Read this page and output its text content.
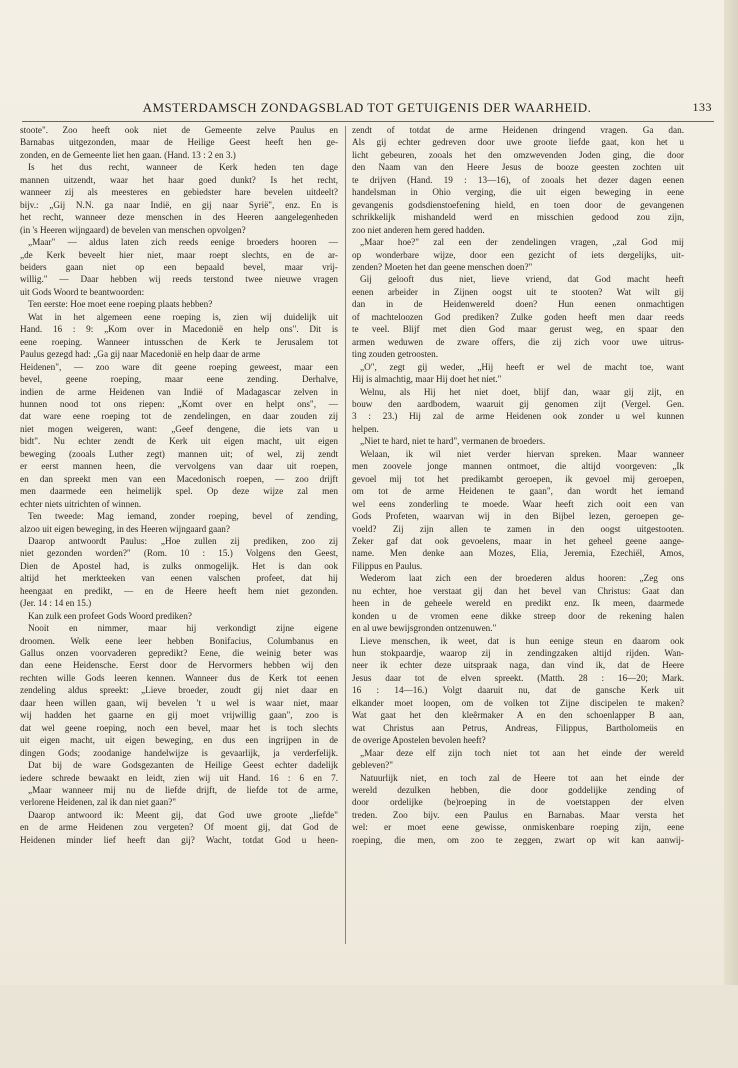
AMSTERDAMSCH ZONDAGSBLAD TOT GETUIGENIS DER WAARHEID.	133
stoote". Zoo heeft ook niet de Gemeente zelve Paulus en
Barnabas uitgezonden, maar de Heilige Geest heeft hen ge-
zonden, en de Gemeente liet hen gaan. (Hand. 13 : 2 en 3.)
Is het dus recht, wanneer de Kerk heden ten dage
mannen uitzendt, waar het haar goed dunkt? Is het recht,
wanneer zij als meesteres en gebiedster hare bevelen uitdeelt?
bijv.: „Gij N.N. ga naar Indië, en gij naar Syrië", enz. En is
het recht, wanneer deze menschen in des Heeren aangelegenheden
(in 's Heeren wijngaard) de bevelen van menschen opvolgen?
„Maar" — aldus laten zich reeds eenige broeders hooren —
„de Kerk beveelt hier niet, maar roept slechts, en de ar-
beiders gaan niet op een bepaald bevel, maar vrij-
willig." — Daar hebben wij reeds terstond twee nieuwe vragen
uit Gods Woord te beantwoorden:
Ten eerste: Hoe moet eene roeping plaats hebben?
Wat in het algemeen eene roeping is, zien wij duidelijk uit
Hand. 16 : 9: „Kom over in Macedonië en help ons". Dit is
eene roeping. Wanneer intusschen de Kerk te Jerusalem tot
Paulus gezegd had: „Ga gij naar Macedonië en help daar de arme
Heidenen", — zoo ware dit geene roeping geweest, maar een
bevel, geene roeping, maar eene zending. Derhalve,
indien de arme Heidenen van Indië of Madagascar zelven in
hunnen nood tot ons riepen: „Komt over en helpt ons", —
dat ware eene roeping tot de zendelingen, en daar zouden zij
niet mogen weigeren, want: „Geef dengene, die iets van u
bidt". Nu echter zendt de Kerk uit eigen macht, uit eigen
beweging (zooals Luther zegt) mannen uit; of wel, zij zendt
er eerst mannen heen, die vervolgens van daar uit roepen,
en dan spreekt men van een Macedonisch roepen, — zoo drijft
men daarmede een heimelijk spel. Op deze wijze zal men
echter niets uitrichten of winnen.
Ten tweede: Mag iemand, zonder roeping, bevel of zending,
alzoo uit eigen beweging, in des Heeren wijngaard gaan?
Daarop antwoordt Paulus: „Hoe zullen zij prediken, zoo zij
niet gezonden worden?" (Rom. 10 : 15.) Volgens den Geest,
Dien de Apostel had, is zulks onmogelijk. Het is dan ook
altijd het merkteeken van eenen valschen profeet, dat hij
heengaat en predikt, — en de Heere heeft hem niet gezonden.
(Jer. 14 : 14 en 15.)
Kan zulk een profeet Gods Woord prediken?
Nooit en nimmer, maar hij verkondigt zijne eigene
droomen. Welk eene leer hebben Bonifacius, Columbanus en
Gallus onzen voorvaderen gepredikt? Eene, die weinig beter was
dan eene Heidensche. Eerst door de Hervormers hebben wij den
rechten wille Gods leeren kennen. Wanneer dus de Kerk tot eenen
zendeling aldus spreekt: „Lieve broeder, zoudt gij niet daar en
daar heen willen gaan, wij bevelen 't u wel is waar niet, maar
wij hadden het gaarne en gij moet vrijwillig gaan", zoo is
dat wel geene roeping, noch een bevel, maar het is toch slechts
uit eigen macht, uit eigen beweging, en dus een ingrijpen in de
dingen Gods; zoodanige handelwijze is gevaarlijk, ja verderfelijk.
Dat bij de ware Godsgezanten de Heilige Geest echter dadelijk
iedere schrede bewaakt en leidt, zien wij uit Hand. 16 : 6 en 7.
„Maar wanneer mij nu de liefde drijft, de liefde tot de arme,
verlorene Heidenen, zal ik dan niet gaan?"
Daarop antwoord ik: Meent gij, dat God uwe groote „liefde"
en de arme Heidenen zou vergeten? Of moent gij, dat God de
Heidenen minder lief heeft dan gij? Wacht, totdat God u heen-
zendt of totdat de arme Heidenen dringend vragen. Ga dan.
Als gij echter gedreven door uwe groote liefde gaat, kon het u
licht gebeuren, zooals het den omzwevenden Joden ging, die door
den Naam van den Heere Jesus de booze geesten zochten uit
te drijven (Hand. 19 : 13—16), of zooals het dezer dagen eenen
handelsman in Ohio verging, die uit eigen beweging in eene
gevangenis godsdienstoefening hield, en toen door de gevangenen
schrikkelijk mishandeld werd en misschien gedood zou zijn,
zoo niet anderen hem gered hadden.
„Maar hoe?" zal een der zendelingen vragen, „zal God mij
op wonderbare wijze, door een gezicht of iets dergelijks, uit-
zenden? Moeten het dan geene menschen doen?"
Gij gelooft dus niet, lieve vriend, dat God macht heeft
eenen arbeider in Zijnen oogst uit te stooten? Wat wilt gij
dan in de Heidenwereld doen? Hun eenen onmachtigen
of machteloozen God prediken? Zulke goden heeft men daar reeds
te veel. Blijf met dien God maar gerust weg, en spaar den
armen weduwen de zware offers, die zij zich voor uwe uitrus-
ting zouden getroosten.
„O", zegt gij weder, „Hij heeft er wel de macht toe, want
Hij is almachtig, maar Hij doet het niet."
Welnu, als Hij het niet doet, blijf dan, waar gij zijt, en
bouw den aardbodem, waaruit gij genomen zijt (Vergel. Gen.
3 : 23.) Hij zal de arme Heidenen ook zonder u wel kunnen
helpen.
„Niet te hard, niet te hard", vermanen de broeders.
Welaan, ik wil niet verder hiervan spreken. Maar wanneer
men zoovele jonge mannen ontmoet, die altijd voorgeven: „Ik
gevoel mij tot het predikambt geroepen, ik gevoel mij geroepen,
om tot de arme Heidenen te gaan", dan wordt het iemand
wel eens zonderling te moede. Waar heeft zich ooit een van
Gods Profeten, waarvan wij in den Bijbel lezen, geroepen ge-
voeld? Zij zijn allen te zamen in den oogst uitgestooten.
Zeker gaf dat ook gevoelens, maar in het geheel geene aange-
name. Men denke aan Mozes, Elia, Jeremia, Ezechiël, Amos,
Filippus en Paulus.
Wederom laat zich een der broederen aldus hooren: „Zeg ons
nu echter, hoe verstaat gij dan het bevel van Christus: Gaat dan
heen in de geheele wereld en predikt enz. Ik meen, daarmede
konden u de vromen eene dikke streep door de rekening halen
en al uwe bewijsgronden ontzenuwen."
Lieve menschen, ik weet, dat is hun eenige steun en daarom ook
hun stokpaardje, waarop zij in zendingzaken altijd rijden. Wan-
neer ik echter deze uitspraak naga, dan vind ik, dat de Heere
Jesus daar tot de elven spreekt. (Matth. 28 : 16—20; Mark.
16 : 14—16.) Volgt daaruit nu, dat de gansche Kerk uit
elkander moet loopen, om de volken tot Zijne discipelen te maken?
Wat gaat het den kleêrmaker A en den schoenlapper B aan,
wat Christus aan Petrus, Andreas, Filippus, Bartholomeüs en
de overige Apostelen bevolen heeft?
„Maar deze elf zijn toch niet tot aan het einde der wereld
gebleven?"
Natuurlijk niet, en toch zal de Heere tot aan het einde der
wereld dezulken hebben, die door goddelijke zending of
door ordelijke (be)roeping in de voetstappen der elven
treden. Zoo bijv. een Paulus en Barnabas. Maar versta het
wel: er moet eene gewisse, onmiskenbare roeping zijn, eene
roeping, die men, om zoo te zeggen, zwart op wit kan aanwij-
